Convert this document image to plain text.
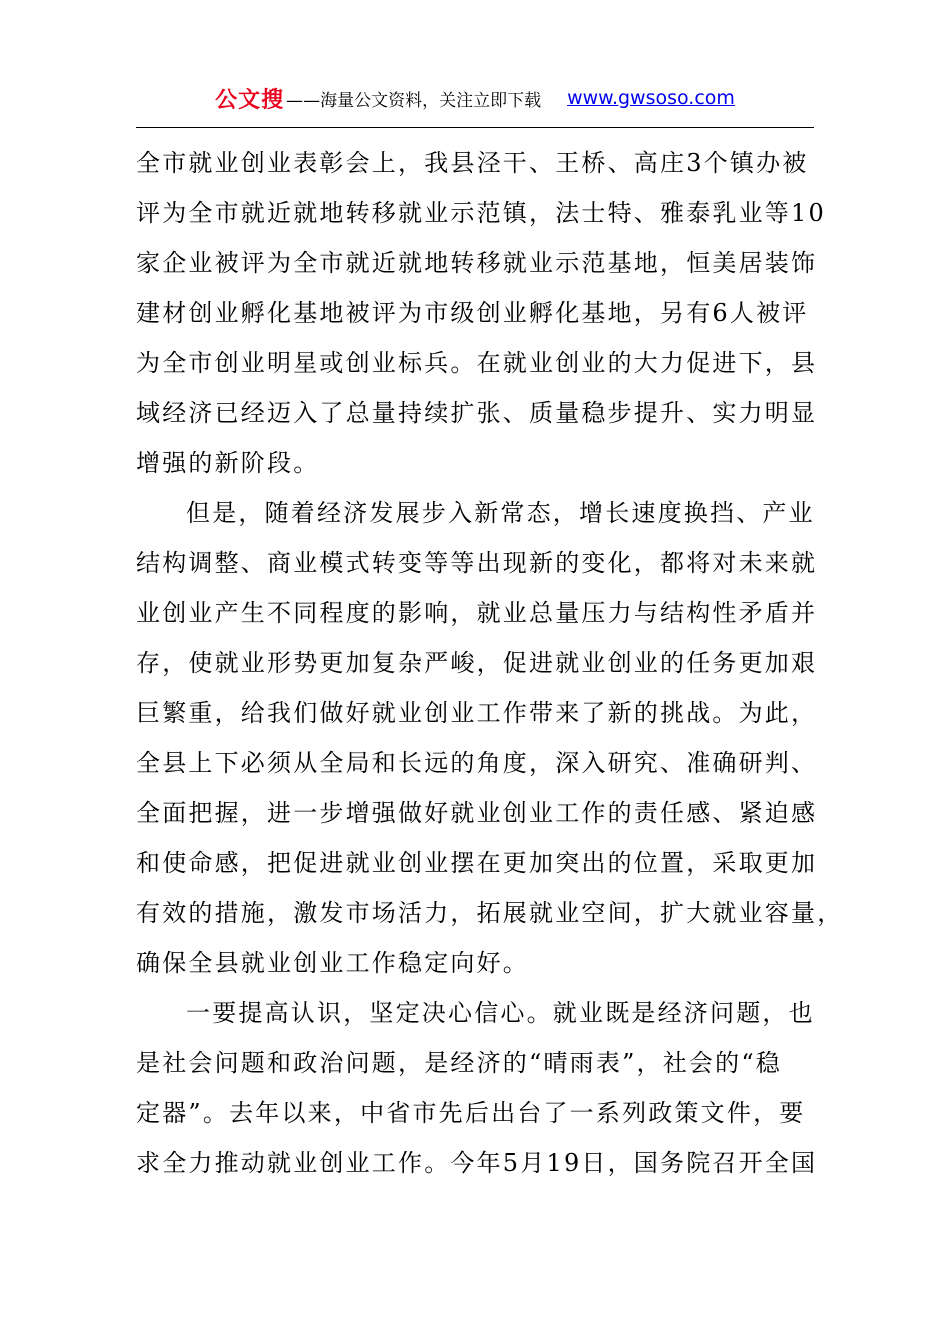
公文搜 ——海量公文资料，关注立即下载 www.gwsoso.com
全市就业创业表彰会上，我县泾干、王桥、高庄3个镇办被
评为全市就近就地转移就业示范镇，法士特、雅泰乳业等10
家企业被评为全市就近就地转移就业示范基地，恒美居装饰
建材创业孵化基地被评为市级创业孵化基地，另有6人被评
为全市创业明星或创业标兵。在就业创业的大力促进下，县
域经济已经迈入了总量持续扩张、质量稳步提升、实力明显
增强的新阶段。
但是，随着经济发展步入新常态，增长速度换挡、产业
结构调整、商业模式转变等等出现新的变化，都将对未来就
业创业产生不同程度的影响，就业总量压力与结构性矛盾并
存，使就业形势更加复杂严峻，促进就业创业的任务更加艰
巨繁重，给我们做好就业创业工作带来了新的挑战。为此，
全县上下必须从全局和长远的角度，深入研究、准确研判、
全面把握，进一步增强做好就业创业工作的责任感、紧迫感
和使命感，把促进就业创业摆在更加突出的位置，采取更加
有效的措施，激发市场活力，拓展就业空间，扩大就业容量，
确保全县就业创业工作稳定向好。
一要提高认识，坚定决心信心。就业既是经济问题，也
是社会问题和政治问题，是经济的“晴雨表”，社会的“稳
定器”。去年以来，中省市先后出台了一系列政策文件，要
求全力推动就业创业工作。今年5月19日，国务院召开全国
